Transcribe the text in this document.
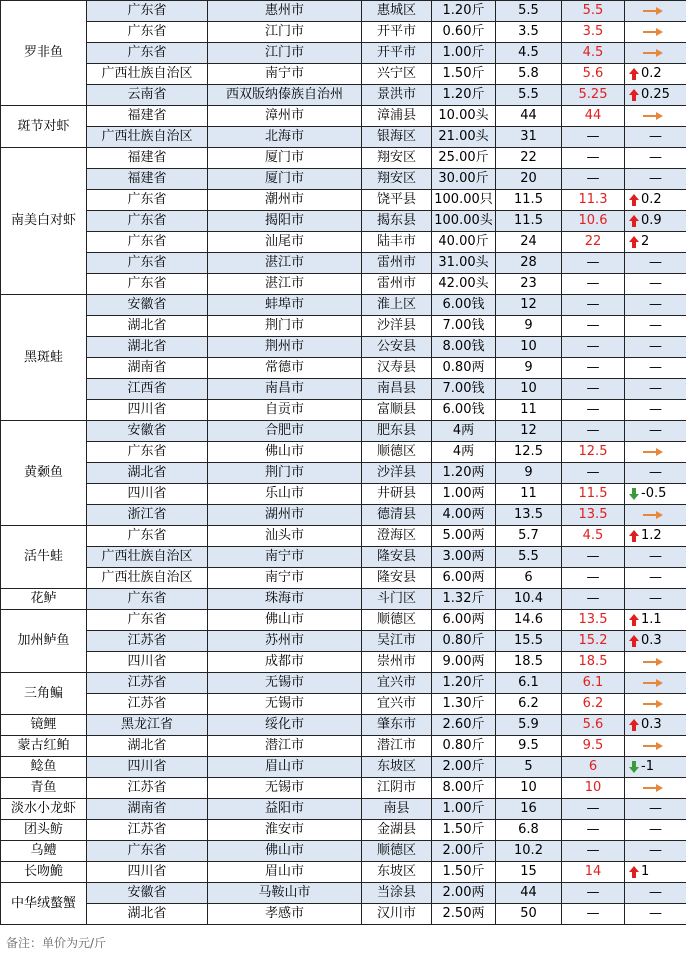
罗非鱼	广东省	惠州市	惠城区	1.20斤	5.5	5.5	
	广东省	江门市	开平市	0.60斤	3.5	3.5	
	广东省	江门市	开平市	1.00斤	4.5	4.5	
	广西壮族自治区	南宁市	兴宁区	1.50斤	5.8	5.6	0.2
	云南省	西双版纳傣族自治州	景洪市	1.20斤	5.5	5.25	0.25
斑节对虾	福建省	漳州市	漳浦县	10.00头	44	44	
	广西壮族自治区	北海市	银海区	21.00头	31	—	—
南美白对虾	福建省	厦门市	翔安区	25.00斤	22	—	—
	福建省	厦门市	翔安区	30.00斤	20	—	—
	广东省	潮州市	饶平县	100.00只	11.5	11.3	0.2
	广东省	揭阳市	揭东县	100.00头	11.5	10.6	0.9
	广东省	汕尾市	陆丰市	40.00斤	24	22	2
	广东省	湛江市	雷州市	31.00头	28	—	—
	广东省	湛江市	雷州市	42.00头	23	—	—
黑斑蛙	安徽省	蚌埠市	淮上区	6.00钱	12	—	—
	湖北省	荆门市	沙洋县	7.00钱	9	—	—
	湖北省	荆州市	公安县	8.00钱	10	—	—
	湖南省	常德市	汉寿县	0.80两	9	—	—
	江西省	南昌市	南昌县	7.00钱	10	—	—
	四川省	自贡市	富顺县	6.00钱	11	—	—
黄颡鱼	安徽省	合肥市	肥东县	4两	12	—	—
	广东省	佛山市	顺德区	4两	12.5	12.5	
	湖北省	荆门市	沙洋县	1.20两	9	—	—
	四川省	乐山市	井研县	1.00两	11	11.5	-0.5
	浙江省	湖州市	德清县	4.00两	13.5	13.5	
活牛蛙	广东省	汕头市	澄海区	5.00两	5.7	4.5	1.2
	广西壮族自治区	南宁市	隆安县	3.00两	5.5	—	—
	广西壮族自治区	南宁市	隆安县	6.00两	6	—	—
花鲈	广东省	珠海市	斗门区	1.32斤	10.4	—	—
加州鲈鱼	广东省	佛山市	顺德区	6.00两	14.6	13.5	1.1
	江苏省	苏州市	吴江市	0.80斤	15.5	15.2	0.3
	四川省	成都市	崇州市	9.00两	18.5	18.5	
三角鳊	江苏省	无锡市	宜兴市	1.20斤	6.1	6.1	
	江苏省	无锡市	宜兴市	1.30斤	6.2	6.2	
镜鲤	黑龙江省	绥化市	肇东市	2.60斤	5.9	5.6	0.3
蒙古红鲌	湖北省	潜江市	潜江市	0.80斤	9.5	9.5	
鲶鱼	四川省	眉山市	东坡区	2.00斤	5	6	-1
青鱼	江苏省	无锡市	江阴市	8.00斤	10	10	
淡水小龙虾	湖南省	益阳市	南县	1.00斤	16	—	—
团头鲂	江苏省	淮安市	金湖县	1.50斤	6.8	—	—
乌鳢	广东省	佛山市	顺德区	2.00斤	10.2	—	—
长吻鮠	四川省	眉山市	东坡区	1.50斤	15	14	1
中华绒螯蟹	安徽省	马鞍山市	当涂县	2.00两	44	—	—
	湖北省	孝感市	汉川市	2.50两	50	—	—
备注：单价为元/斤
